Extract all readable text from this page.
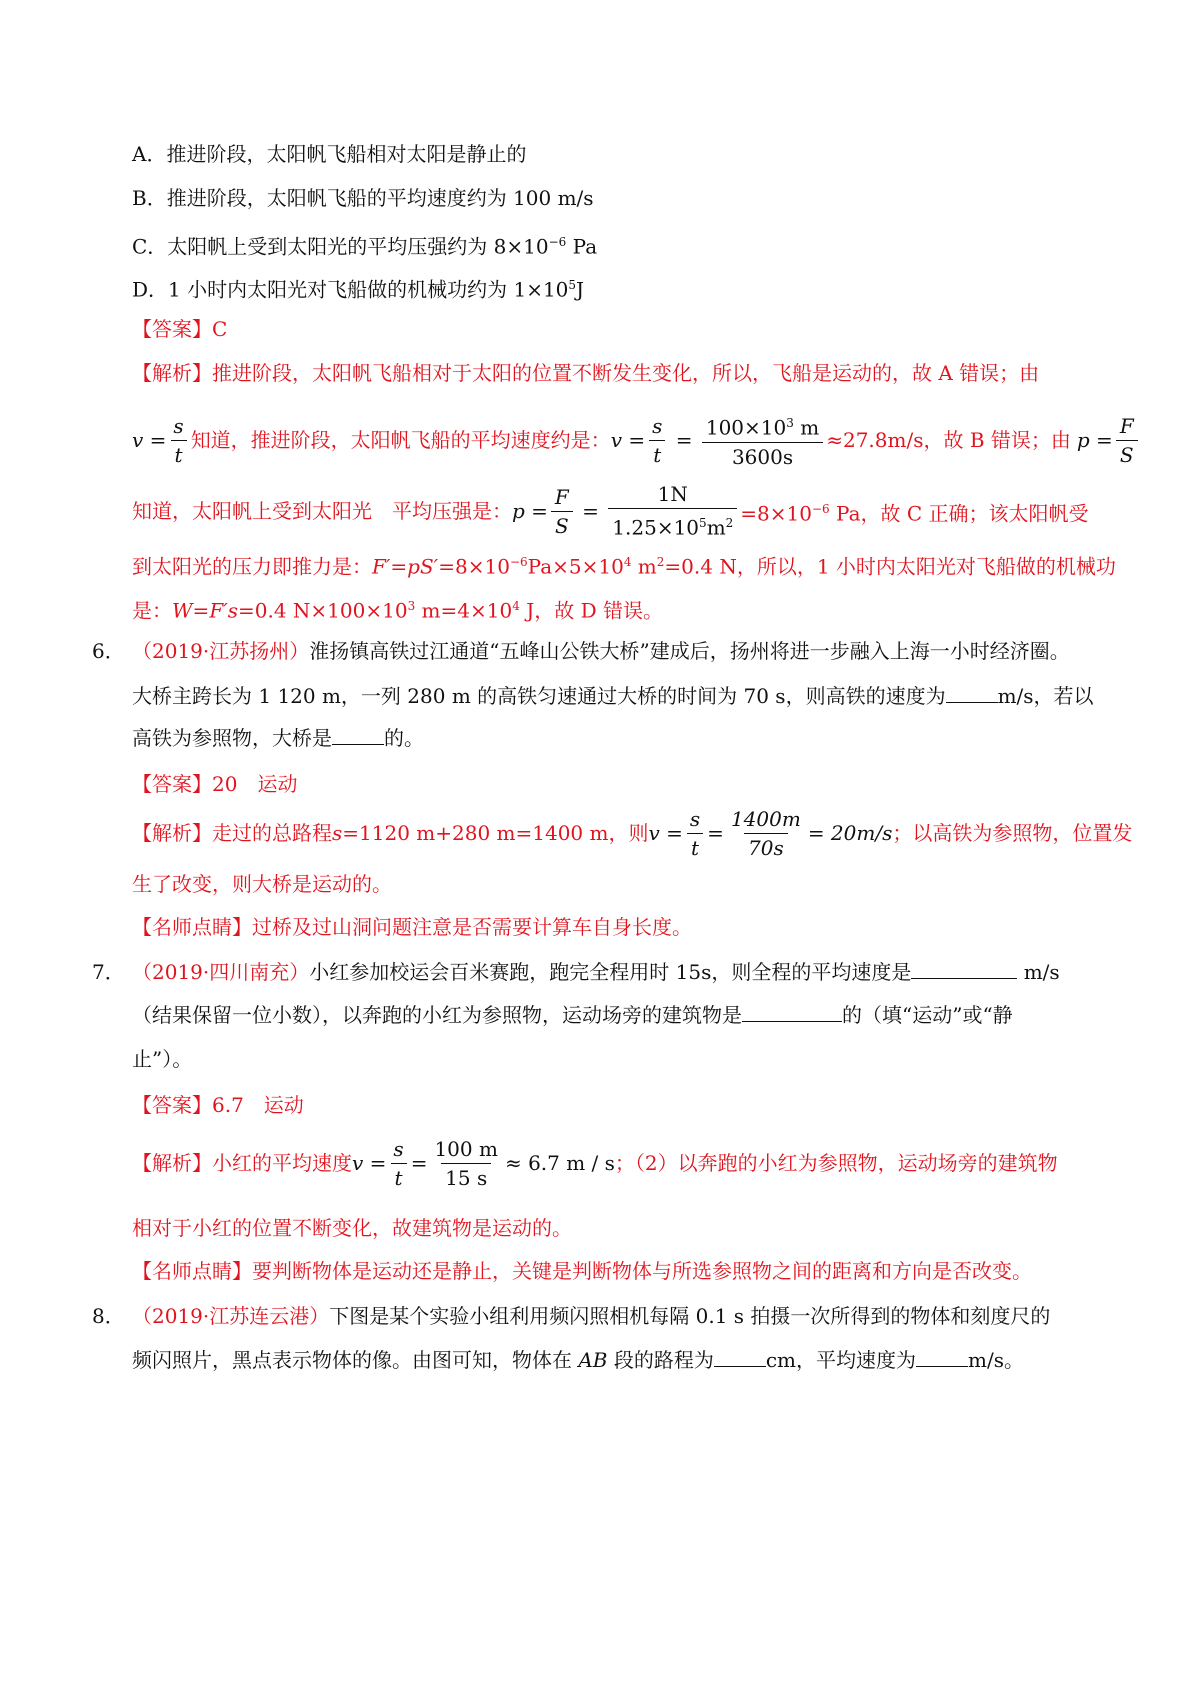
A．推进阶段，太阳帆飞船相对太阳是静止的
B．推进阶段，太阳帆飞船的平均速度约为 100 m/s
C．太阳帆上受到太阳光的平均压强约为 $8\times 10^{-6}$ Pa
D．1 小时内太阳光对飞船做的机械功约为 $1\times 10^5J$
【答案】C
【解析】推进阶段，太阳帆飞船相对于太阳的位置不断发生变化，所以，飞船是运动的，故 A 错误；由
$v = \frac{s}{t}$ 知道，推进阶段，太阳帆飞船的平均速度约是： $v = \frac{s}{t} = \frac{100\times 10^3 m}{3600s} \approx 27.8m/s$，故 B 错误；由 $p = \frac{F}{S}$
知道，太阳帆上受到太阳光　平均压强是： $p = \frac{F}{S} = \frac{1N}{1.25\times 10^5m^2} =8\times 10^{-6}$ Pa，故 C 正确；该太阳帆受
到太阳光的压力即推力是：$F'=pS'=8\times 10^{-6}Pa\times 5\times 10^4$ $m^2=0.4$ N，所以，1 小时内太阳光对飞船做的机械功
是：W=F′s=0.4 $N\times 100\times 10^3$ $m=4\times 10^4$ J，故 D 错误。
6． （2019·江苏扬州）淮扬镇高铁过江通道“五峰山公铁大桥”建成后，扬州将进一步融入上海一小时经济圈。
大桥主跨长为 1 120 m，一列 280 m 的高铁匀速通过大桥的时间为 70 s，则高铁的速度为	m/s，若以
高铁为参照物，大桥是	的。
【答案】20　运动
【解析】 走过的总路程 s =1120 m+280 m=1400 m，则 $v = \frac{s}{t} = \frac{1400m}{70s} = 20m/s$ ；以高铁为参照物，位置发
生了改变，则大桥是运动的。
【名师点睛】过桥及过山洞问题注意是否需要计算车自身长度。
7． （2019·四川南充）小红参加校运会百米赛跑，跑完全程用时 15s，则全程的平均速度是	m/s
（结果保留一位小数），以奔跑的小红为参照物，运动场旁的建筑物是	的（填“运动”或“静
止”）。
【答案】6.7　运动
【解析】 小红的平均速度 $v = \frac{s}{t} = \frac{100 m}{15 s} \approx 6.7$ m / s ；（2）以奔跑的小红为参照物，运动场旁的建筑物
相对于小红的位置不断变化，故建筑物是运动的。
【名师点睛】要判断物体是运动还是静止，关键是判断物体与所选参照物之间的距离和方向是否改变。
8． （2019·江苏连云港）下图是某个实验小组利用频闪照相机每隔 0.1 s 拍摄一次所得到的物体和刻度尺的
频闪照片，黑点表示物体的像。由图可知，物体在 AB 段的路程为	cm，平均速度为	m/s。
